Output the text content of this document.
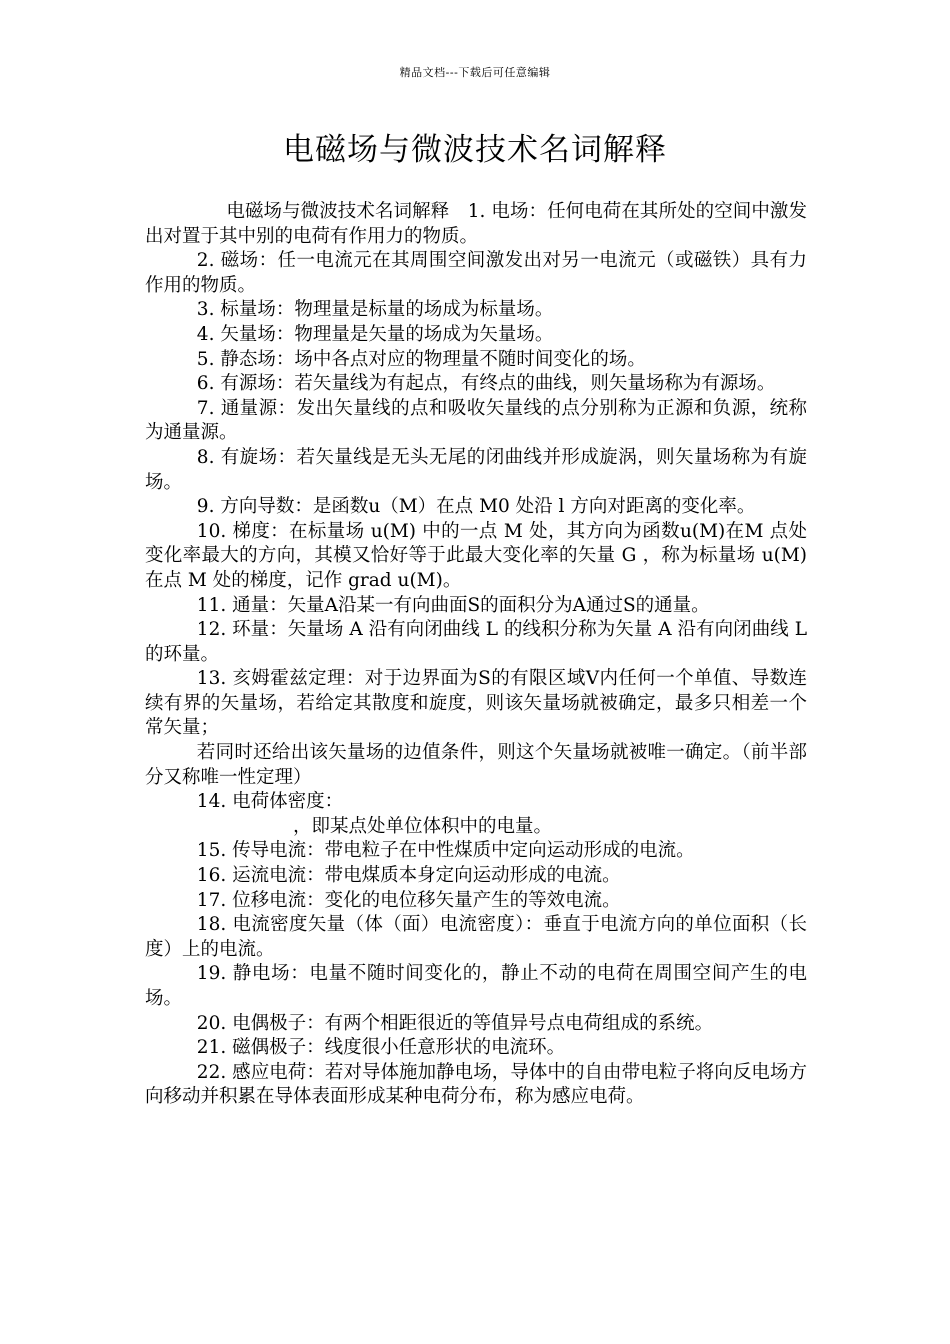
精品文档---下载后可任意编辑
电磁场与微波技术名词解释

电磁场与微波技术名词解释　1. 电场：任何电荷在其所处的空间中激发出对置于其中别的电荷有作用力的物质。

2. 磁场：任一电流元在其周围空间激发出对另一电流元（或磁铁）具有力作用的物质。

3. 标量场：物理量是标量的场成为标量场。

4. 矢量场：物理量是矢量的场成为矢量场。

5. 静态场：场中各点对应的物理量不随时间变化的场。

6. 有源场：若矢量线为有起点，有终点的曲线，则矢量场称为有源场。

7. 通量源：发出矢量线的点和吸收矢量线的点分别称为正源和负源，统称为通量源。

8. 有旋场：若矢量线是无头无尾的闭曲线并形成旋涡，则矢量场称为有旋场。

9. 方向导数：是函数u（M）在点 M0 处沿 l 方向对距离的变化率。

10. 梯度：在标量场 u(M) 中的一点 M 处，其方向为函数u(M)在M 点处变化率最大的方向，其模又恰好等于此最大变化率的矢量 G ，称为标量场 u(M) 在点 M 处的梯度，记作 grad u(M)。

11. 通量：矢量A沿某一有向曲面S的面积分为A通过S的通量。

12. 环量：矢量场 A 沿有向闭曲线 L 的线积分称为矢量 A 沿有向闭曲线 L 的环量。

13. 亥姆霍兹定理：对于边界面为S的有限区域V内任何一个单值、导数连续有界的矢量场，若给定其散度和旋度，则该矢量场就被确定，最多只相差一个常矢量；

若同时还给出该矢量场的边值条件，则这个矢量场就被唯一确定。（前半部分又称唯一性定理）

14. 电荷体密度：

，即某点处单位体积中的电量。

15. 传导电流：带电粒子在中性煤质中定向运动形成的电流。

16. 运流电流：带电煤质本身定向运动形成的电流。

17. 位移电流：变化的电位移矢量产生的等效电流。

18. 电流密度矢量（体（面）电流密度）：垂直于电流方向的单位面积（长度）上的电流。

19. 静电场：电量不随时间变化的，静止不动的电荷在周围空间产生的电场。

20. 电偶极子：有两个相距很近的等值异号点电荷组成的系统。

21. 磁偶极子：线度很小任意形状的电流环。

22. 感应电荷：若对导体施加静电场，导体中的自由带电粒子将向反电场方向移动并积累在导体表面形成某种电荷分布，称为感应电荷。
